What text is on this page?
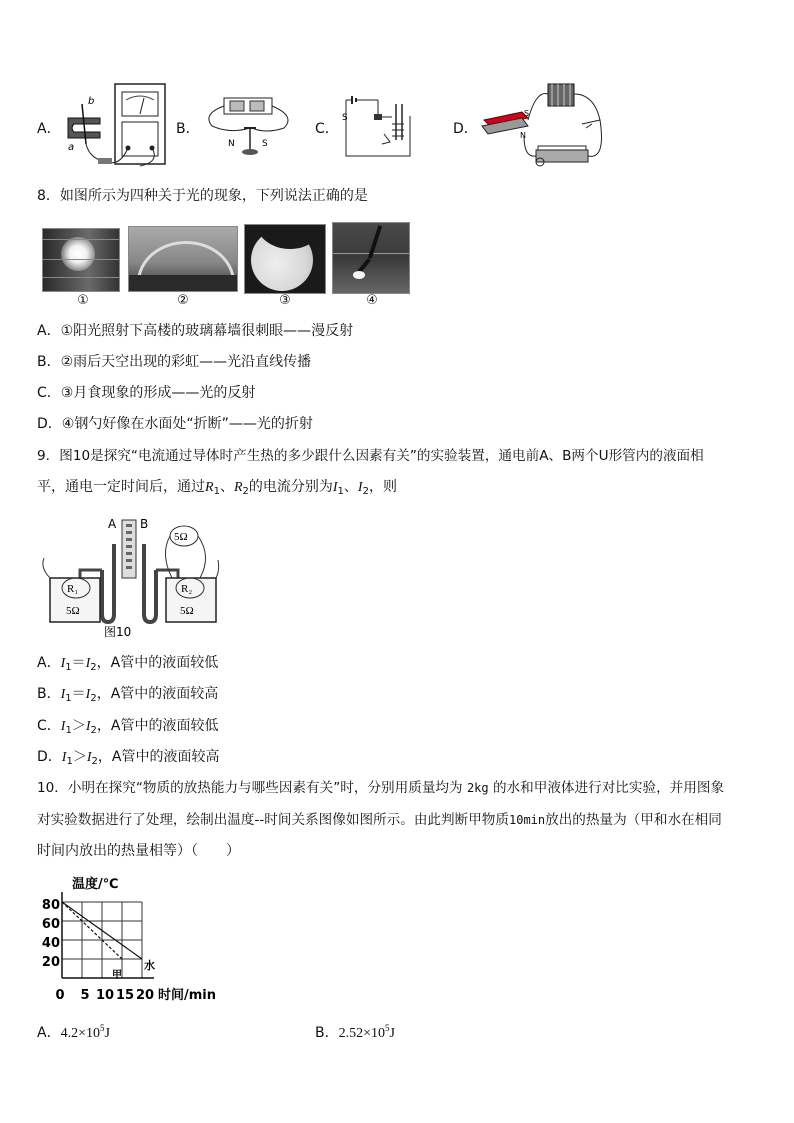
A．
b
a
B．
N	S
C．
S
D．
S
N
8．如图所示为四种关于光的现象，下列说法正确的是
①	②	③	④
A．①阳光照射下高楼的玻璃幕墙很刺眼——漫反射
B．②雨后天空出现的彩虹——光沿直线传播
C．③月食现象的形成——光的反射
D．④钢勺好像在水面处“折断”——光的折射
9．图10是探究“电流通过导体时产生热的多少跟什么因素有关”的实验装置，通电前A、B两个U形管内的液面相
平，通电一定时间后，通过$R_1$、$R_2$的电流分别为$I_1$、$I_2$，则
A B
R₁	R₂
5Ω	5Ω
5Ω
图10
A．$I_1=I_2$，A管中的液面较低
B．$I_1=I_2$，A管中的液面较高
C．$I_1>I_2$，A管中的液面较低
D．$I_1>I_2$，A管中的液面较高
10．小明在探究“物质的放热能力与哪些因素有关”时，分别用质量均为 2kg 的水和甲液体进行对比实验，并用图象
对实验数据进行了处理，绘制出温度--时间关系图像如图所示。由此判断甲物质10min放出的热量为（甲和水在相同
时间内放出的热量相等）（　　）
温度/℃
时间/min
80
60
40
20
0 5 10 15 20
甲
水
A．$4.2\times 10^5J$	B．$2.52\times 10^5J$
